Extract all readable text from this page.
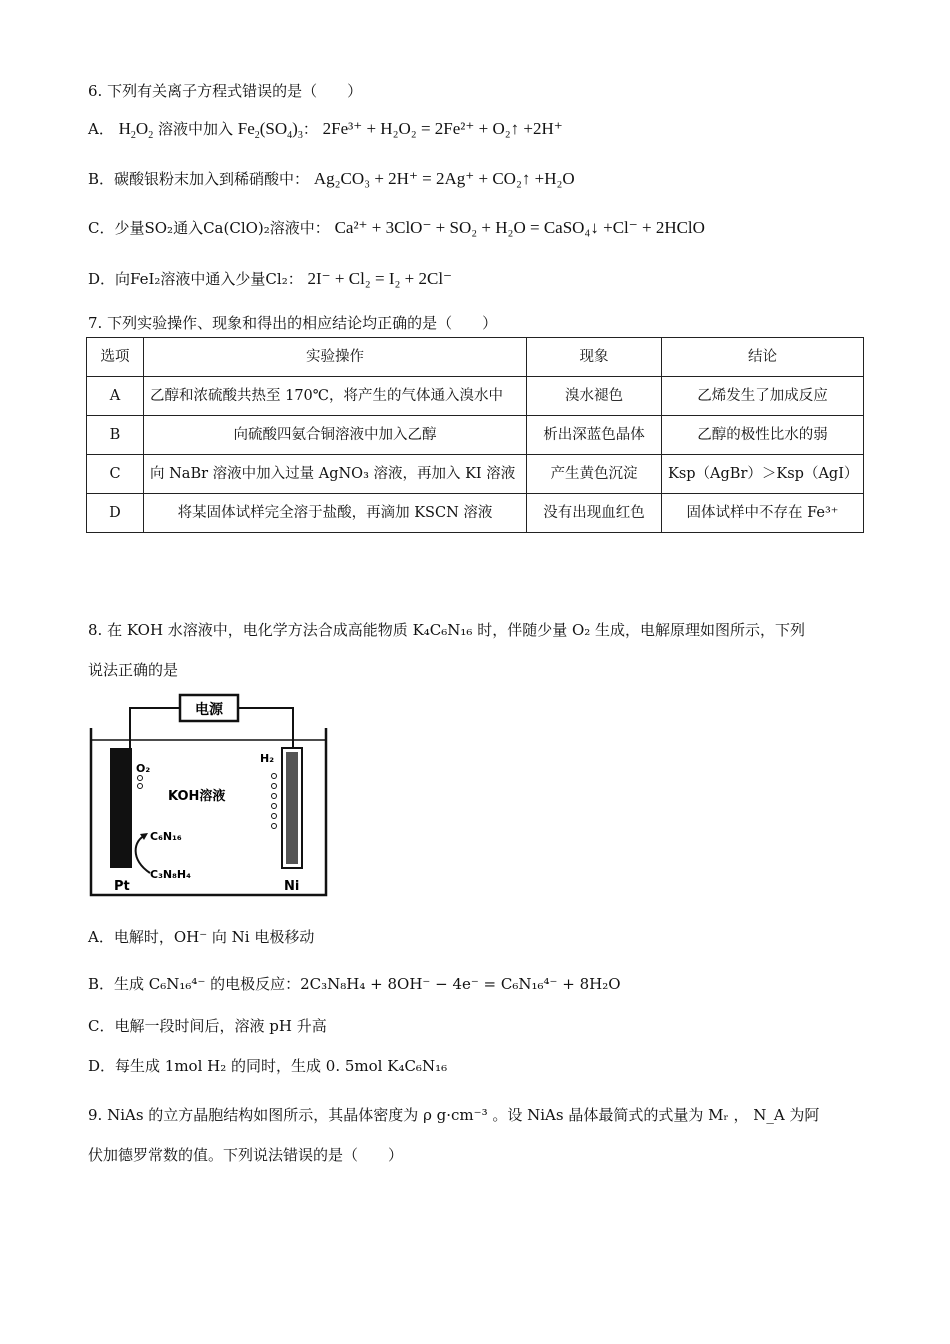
6. 下列有关离子方程式错误的是（　　）
A． $H_2O_2$ 溶液中加入 $Fe_2(SO_4)_3$： 2Fe³⁺ + H₂O₂ = 2Fe²⁺ + O₂↑ +2H⁺
B．碳酸银粉末加入到稀硝酸中： Ag₂CO₃ + 2H⁺ = 2Ag⁺ + CO₂↑ +H₂O
C．少量SO₂通入Ca(ClO)₂溶液中： Ca²⁺ + 3ClO⁻ + SO₂ + H₂O = CaSO₄↓ +Cl⁻ + 2HClO
D．向FeI₂溶液中通入少量Cl₂： 2I⁻ + Cl₂ = I₂ + 2Cl⁻
7. 下列实验操作、现象和得出的相应结论均正确的是（　　）
选项	实验操作	现象	结论
A	乙醇和浓硫酸共热至 170℃，将产生的气体通入溴水中	溴水褪色	乙烯发生了加成反应
B	向硫酸四氨合铜溶液中加入乙醇	析出深蓝色晶体	乙醇的极性比水的弱
C	向 NaBr 溶液中加入过量 AgNO₃ 溶液，再加入 KI 溶液	产生黄色沉淀	Ksp（AgBr）＞Ksp（AgI）
D	将某固体试样完全溶于盐酸，再滴加 KSCN 溶液	没有出现血红色	固体试样中不存在 Fe³⁺
8. 在 KOH 水溶液中，电化学方法合成高能物质 K₄C₆N₁₆ 时，伴随少量 O₂ 生成，电解原理如图所示，下列
说法正确的是
电源
O₂
H₂
KOH溶液
C₆N₁₆
C₃N₈H₄
Pt	Ni
A．电解时，OH⁻ 向 Ni 电极移动
B．生成 C₆N₁₆⁴⁻ 的电极反应：2C₃N₈H₄ + 8OH⁻ − 4e⁻ = C₆N₁₆⁴⁻ + 8H₂O
C．电解一段时间后，溶液 pH 升高
D．每生成 1mol H₂ 的同时，生成 0. 5mol K₄C₆N₁₆
9. NiAs 的立方晶胞结构如图所示，其晶体密度为 ρ g·cm⁻³ 。设 NiAs 晶体最简式的式量为 Mᵣ ， N_A 为阿
伏加德罗常数的值。下列说法错误的是（　　）
